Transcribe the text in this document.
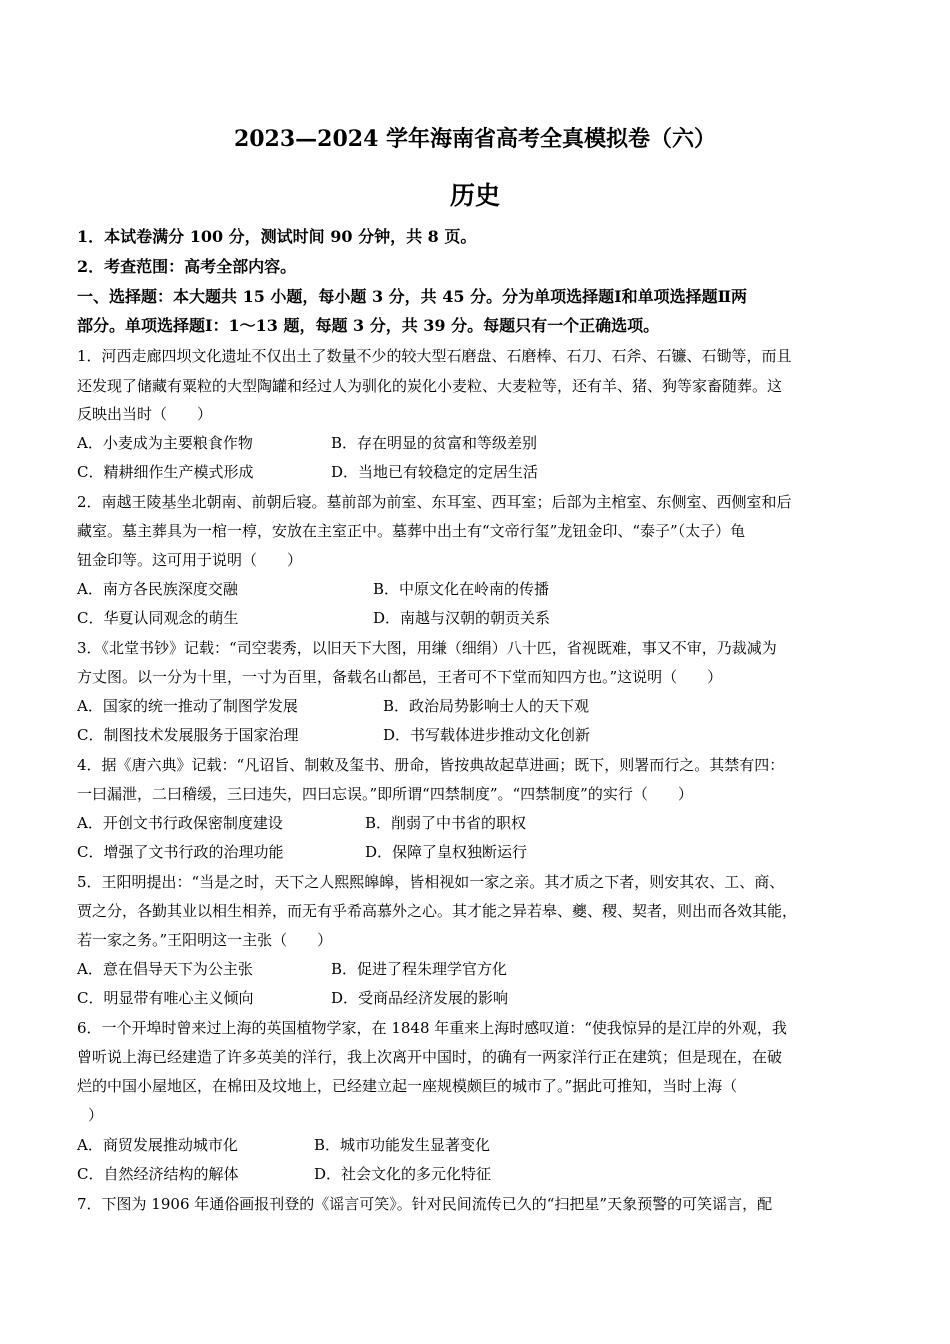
2023—2024 学年海南省高考全真模拟卷（六）
历史
1．本试卷满分 100 分，测试时间 90 分钟，共 8 页。
2．考查范围：高考全部内容。
一、选择题：本大题共 15 小题，每小题 3 分，共 45 分。分为单项选择题Ⅰ和单项选择题Ⅱ两
部分。单项选择题Ⅰ：1～13 题，每题 3 分，共 39 分。每题只有一个正确选项。
1．河西走廊四坝文化遗址不仅出土了数量不少的较大型石磨盘、石磨棒、石刀、石斧、石镰、石锄等，而且
还发现了储藏有粟粒的大型陶罐和经过人为驯化的炭化小麦粒、大麦粒等，还有羊、猪、狗等家畜随葬。这
反映出当时（　　）
A．小麦成为主要粮食作物	B．存在明显的贫富和等级差别
C．精耕细作生产模式形成	D．当地已有较稳定的定居生活
2．南越王陵基坐北朝南、前朝后寝。墓前部为前室、东耳室、西耳室；后部为主棺室、东侧室、西侧室和后
藏室。墓主葬具为一棺一椁，安放在主室正中。墓葬中出土有“文帝行玺”龙钮金印、“泰子”（太子）龟
钮金印等。这可用于说明（　　）
A．南方各民族深度交融	B．中原文化在岭南的传播
C．华夏认同观念的萌生	D．南越与汉朝的朝贡关系
3．《北堂书钞》记载：“司空裴秀，以旧天下大图，用缣（细绢）八十匹，省视既难，事又不审，乃裁减为
方丈图。以一分为十里，一寸为百里，备载名山都邑，王者可不下堂而知四方也。”这说明（　　）
A．国家的统一推动了制图学发展	B．政治局势影响士人的天下观
C．制图技术发展服务于国家治理	D．书写载体进步推动文化创新
4．据《唐六典》记载：“凡诏旨、制敕及玺书、册命，皆按典故起草进画；既下，则署而行之。其禁有四：
一曰漏泄，二曰稽缓，三曰违失，四曰忘误。”即所谓“四禁制度”。“四禁制度”的实行（　　）
A．开创文书行政保密制度建设	B．削弱了中书省的职权
C．增强了文书行政的治理功能	D．保障了皇权独断运行
5．王阳明提出：“当是之时，天下之人熙熙皞皞，皆相视如一家之亲。其才质之下者，则安其农、工、商、
贾之分，各勤其业以相生相养，而无有乎希高慕外之心。其才能之异若皋、夔、稷、契者，则出而各效其能，
若一家之务。”王阳明这一主张（　　）
A．意在倡导天下为公主张	B．促进了程朱理学官方化
C．明显带有唯心主义倾向	D．受商品经济发展的影响
6．一个开埠时曾来过上海的英国植物学家，在 1848 年重来上海时感叹道：“使我惊异的是江岸的外观，我
曾听说上海已经建造了许多英美的洋行，我上次离开中国时，的确有一两家洋行正在建筑；但是现在，在破
烂的中国小屋地区，在棉田及坟地上，已经建立起一座规模颇巨的城市了。”据此可推知，当时上海（
）
A．商贸发展推动城市化	B．城市功能发生显著变化
C．自然经济结构的解体	D．社会文化的多元化特征
7．下图为 1906 年通俗画报刊登的《谣言可笑》。针对民间流传已久的“扫把星”天象预警的可笑谣言，配
